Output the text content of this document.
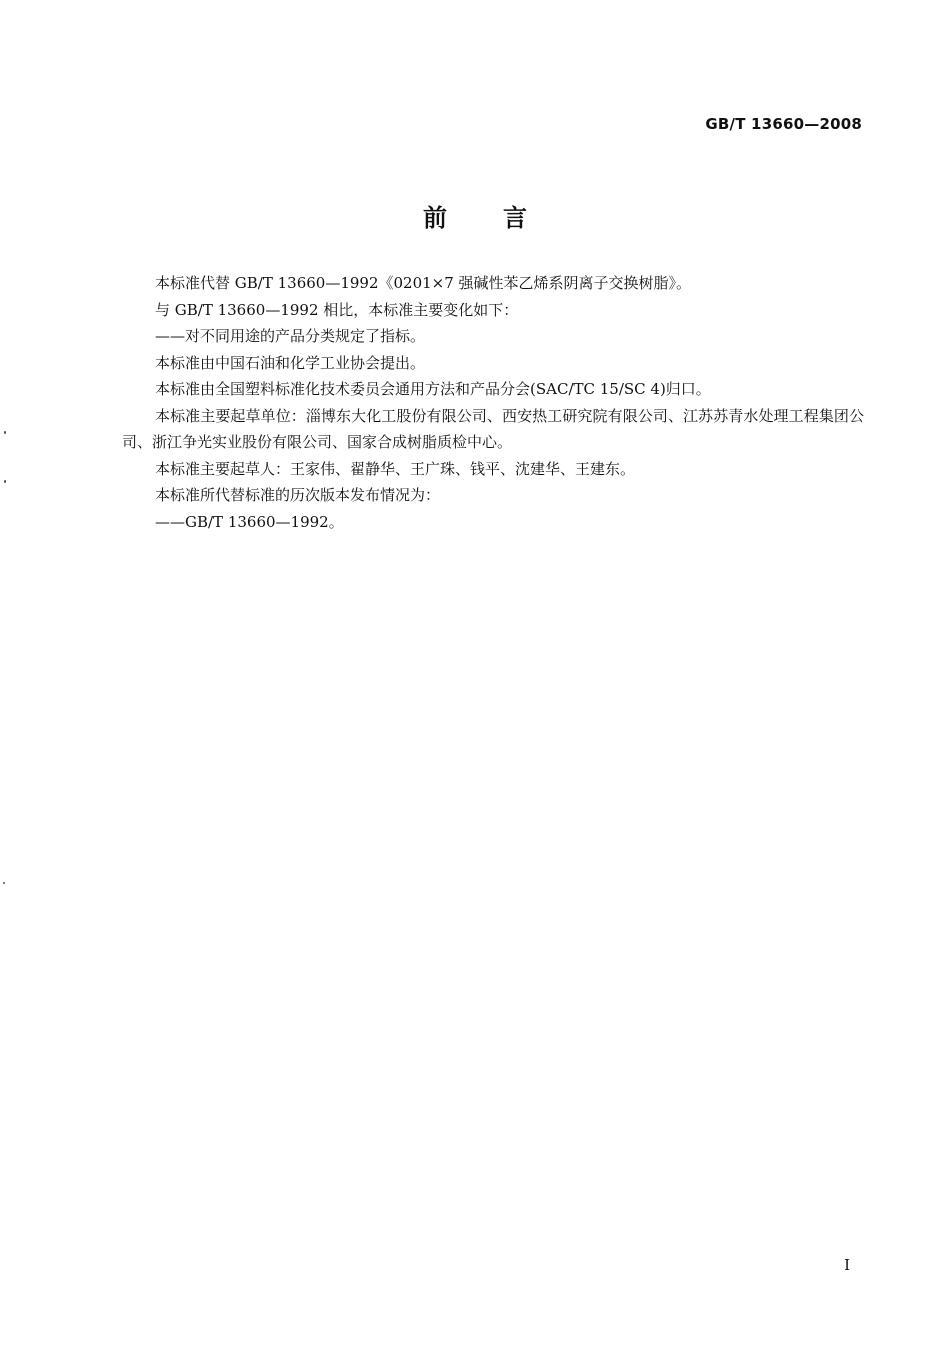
GB/T 13660—2008
前言

本标准代替 GB/T 13660—1992《0201×7 强碱性苯乙烯系阴离子交换树脂》。

与 GB/T 13660—1992 相比，本标准主要变化如下：

——对不同用途的产品分类规定了指标。

本标准由中国石油和化学工业协会提出。

本标准由全国塑料标准化技术委员会通用方法和产品分会(SAC/TC 15/SC 4)归口。

本标准主要起草单位：淄博东大化工股份有限公司、西安热工研究院有限公司、江苏苏青水处理工程集团公司、浙江争光实业股份有限公司、国家合成树脂质检中心。

本标准主要起草人：王家伟、翟静华、王广珠、钱平、沈建华、王建东。

本标准所代替标准的历次版本发布情况为：

——GB/T 13660—1992。

I
